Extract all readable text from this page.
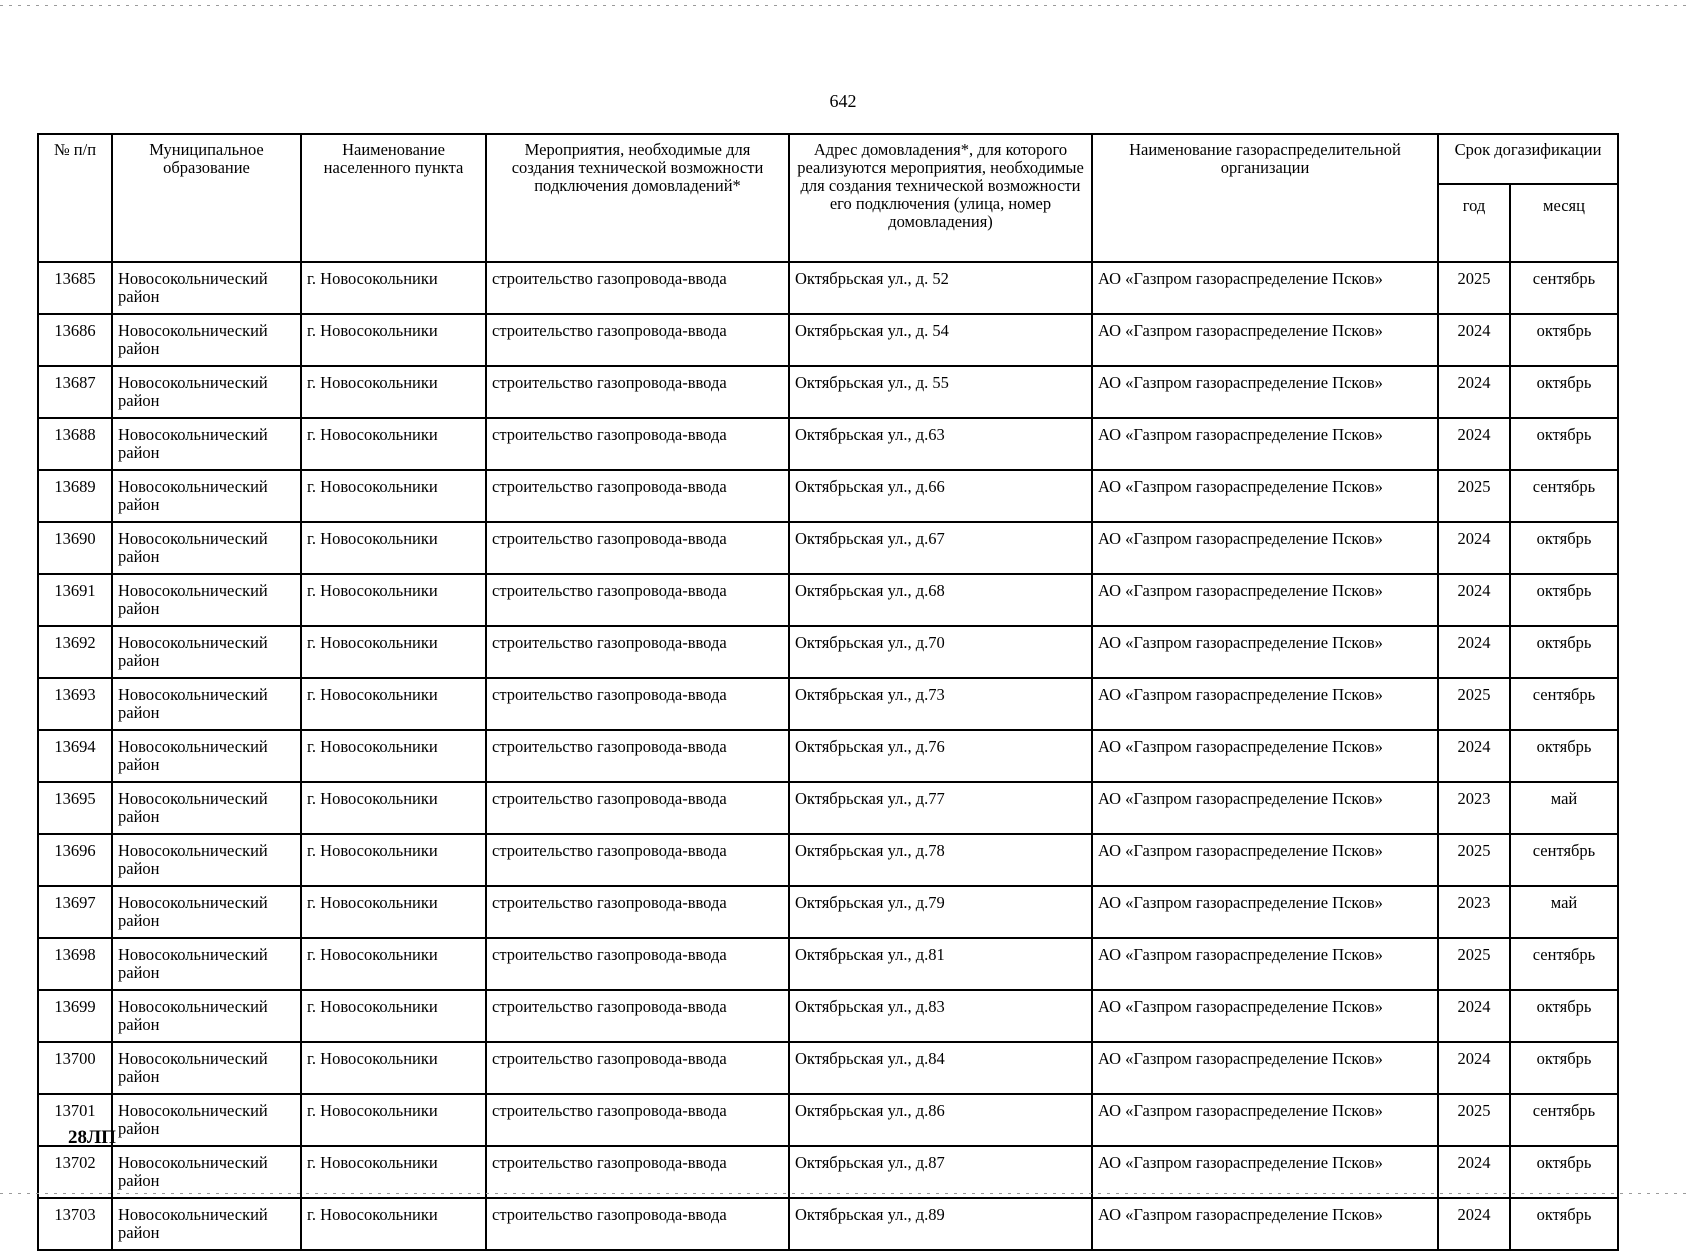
642
№ п/п	Муниципальное образование	Наименование населенного пункта	Мероприятия, необходимые для создания технической возможности подключения домовладений*	Адрес домовладения*, для которого реализуются мероприятия, необходимые для создания технической возможности его подключения (улица, номер домовладения)	Наименование газораспределительной организации	Срок догазификации	
						год	месяц
13685	Новосокольнический район	г. Новосокольники	строительство газопровода-ввода	Октябрьская ул., д. 52	АО «Газпром газораспределение Псков»	2025	сентябрь
13686	Новосокольнический район	г. Новосокольники	строительство газопровода-ввода	Октябрьская ул., д. 54	АО «Газпром газораспределение Псков»	2024	октябрь
13687	Новосокольнический район	г. Новосокольники	строительство газопровода-ввода	Октябрьская ул., д. 55	АО «Газпром газораспределение Псков»	2024	октябрь
13688	Новосокольнический район	г. Новосокольники	строительство газопровода-ввода	Октябрьская ул., д.63	АО «Газпром газораспределение Псков»	2024	октябрь
13689	Новосокольнический район	г. Новосокольники	строительство газопровода-ввода	Октябрьская ул., д.66	АО «Газпром газораспределение Псков»	2025	сентябрь
13690	Новосокольнический район	г. Новосокольники	строительство газопровода-ввода	Октябрьская ул., д.67	АО «Газпром газораспределение Псков»	2024	октябрь
13691	Новосокольнический район	г. Новосокольники	строительство газопровода-ввода	Октябрьская ул., д.68	АО «Газпром газораспределение Псков»	2024	октябрь
13692	Новосокольнический район	г. Новосокольники	строительство газопровода-ввода	Октябрьская ул., д.70	АО «Газпром газораспределение Псков»	2024	октябрь
13693	Новосокольнический район	г. Новосокольники	строительство газопровода-ввода	Октябрьская ул., д.73	АО «Газпром газораспределение Псков»	2025	сентябрь
13694	Новосокольнический район	г. Новосокольники	строительство газопровода-ввода	Октябрьская ул., д.76	АО «Газпром газораспределение Псков»	2024	октябрь
13695	Новосокольнический район	г. Новосокольники	строительство газопровода-ввода	Октябрьская ул., д.77	АО «Газпром газораспределение Псков»	2023	май
13696	Новосокольнический район	г. Новосокольники	строительство газопровода-ввода	Октябрьская ул., д.78	АО «Газпром газораспределение Псков»	2025	сентябрь
13697	Новосокольнический район	г. Новосокольники	строительство газопровода-ввода	Октябрьская ул., д.79	АО «Газпром газораспределение Псков»	2023	май
13698	Новосокольнический район	г. Новосокольники	строительство газопровода-ввода	Октябрьская ул., д.81	АО «Газпром газораспределение Псков»	2025	сентябрь
13699	Новосокольнический район	г. Новосокольники	строительство газопровода-ввода	Октябрьская ул., д.83	АО «Газпром газораспределение Псков»	2024	октябрь
13700	Новосокольнический район	г. Новосокольники	строительство газопровода-ввода	Октябрьская ул., д.84	АО «Газпром газораспределение Псков»	2024	октябрь
13701	Новосокольнический район	г. Новосокольники	строительство газопровода-ввода	Октябрьская ул., д.86	АО «Газпром газораспределение Псков»	2025	сентябрь
13702	Новосокольнический район	г. Новосокольники	строительство газопровода-ввода	Октябрьская ул., д.87	АО «Газпром газораспределение Псков»	2024	октябрь
13703	Новосокольнический район	г. Новосокольники	строительство газопровода-ввода	Октябрьская ул., д.89	АО «Газпром газораспределение Псков»	2024	октябрь
28ЛП
